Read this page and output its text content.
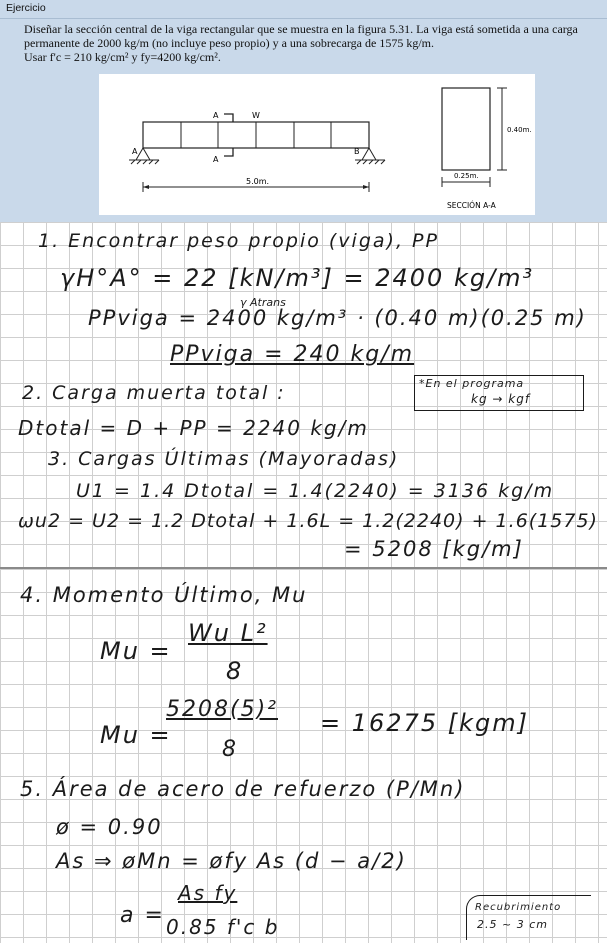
Ejercicio
Diseñar la sección central de la viga rectangular que se muestra en la figura 5.31. La viga está sometida a una carga
permanente de 2000 kg/m (no incluye peso propio) y a una sobrecarga de 1575 kg/m.
Usar f'c = 210 kg/cm² y fy=4200 kg/cm².
A
A
W
A	B
5.0m.
0.40m.
0.25m.
SECCIÓN A-A
1. Encontrar peso propio (viga), PP
γH°A° = 22 [kN/m³] = 2400 kg/m³
γ Atrans
PPviga = 2400 kg/m³ · (0.40 m)(0.25 m)
PPviga = 240 kg/m
2. Carga muerta total :	*En el programa
kg → kgf
Dtotal = D + PP = 2240 kg/m
3. Cargas Últimas (Mayoradas)
U1 = 1.4 Dtotal = 1.4(2240) = 3136 kg/m
ωu2 = U2 = 1.2 Dtotal + 1.6L = 1.2(2240) + 1.6(1575)
= 5208 [kg/m]
4. Momento Último, Mu
Mu =
Wu L²
8
Mu =
5208(5)²
8
= 16275 [kgm]
5. Área de acero de refuerzo (P/Mn)
ø = 0.90
As ⇒ øMn = øfy As (d − a/2)
a =
As fy
0.85 f'c b
Recubrimiento
2.5 ~ 3 cm
